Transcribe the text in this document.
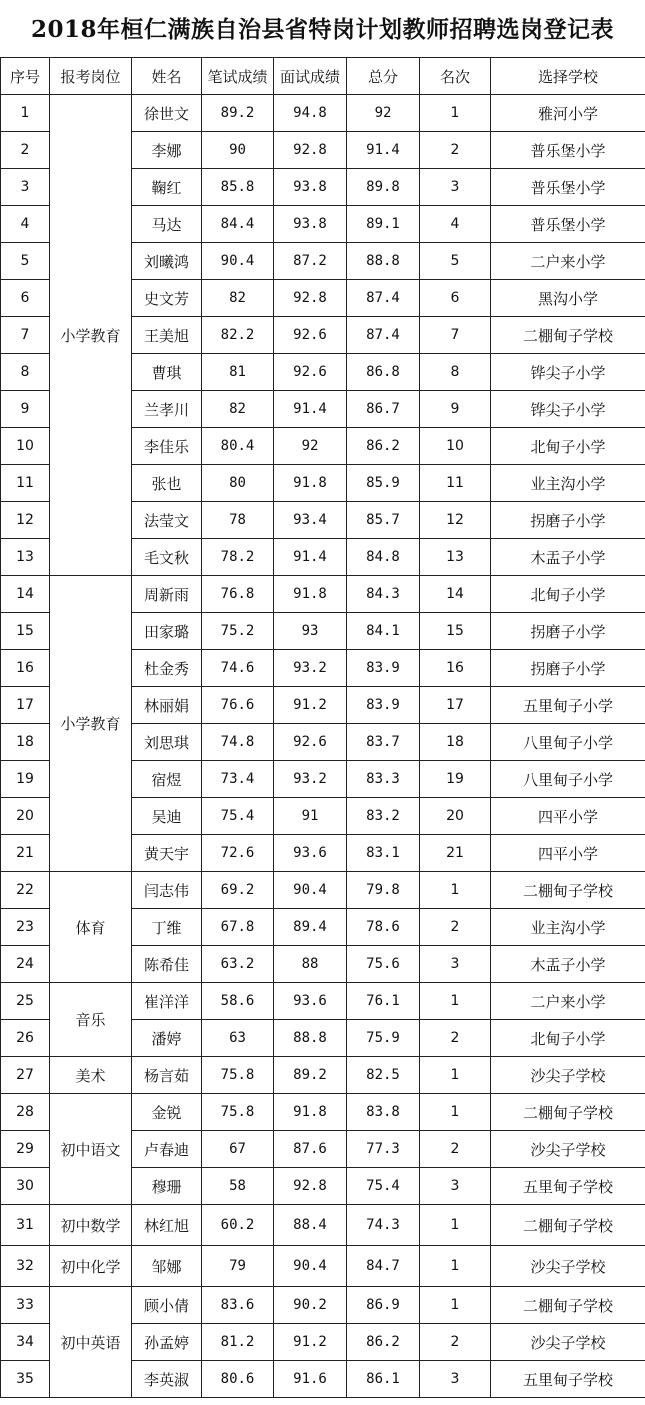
2018年桓仁满族自治县省特岗计划教师招聘选岗登记表
序号	报考岗位	姓名	笔试成绩	面试成绩	总分	名次	选择学校
1	小学教育	徐世文	89.2	94.8	92	1	雅河小学
2		李娜	90	92.8	91.4	2	普乐堡小学
3		鞠红	85.8	93.8	89.8	3	普乐堡小学
4		马达	84.4	93.8	89.1	4	普乐堡小学
5		刘曦鸿	90.4	87.2	88.8	5	二户来小学
6		史文芳	82	92.8	87.4	6	黑沟小学
7		王美旭	82.2	92.6	87.4	7	二棚甸子学校
8		曹琪	81	92.6	86.8	8	铧尖子小学
9		兰孝川	82	91.4	86.7	9	铧尖子小学
10		李佳乐	80.4	92	86.2	10	北甸子小学
11		张也	80	91.8	85.9	11	业主沟小学
12		法莹文	78	93.4	85.7	12	拐磨子小学
13		毛文秋	78.2	91.4	84.8	13	木盂子小学
14	小学教育	周新雨	76.8	91.8	84.3	14	北甸子小学
15		田家璐	75.2	93	84.1	15	拐磨子小学
16		杜金秀	74.6	93.2	83.9	16	拐磨子小学
17		林丽娟	76.6	91.2	83.9	17	五里甸子小学
18		刘思琪	74.8	92.6	83.7	18	八里甸子小学
19		宿煜	73.4	93.2	83.3	19	八里甸子小学
20		吴迪	75.4	91	83.2	20	四平小学
21		黄天宇	72.6	93.6	83.1	21	四平小学
22	体育	闫志伟	69.2	90.4	79.8	1	二棚甸子学校
23		丁维	67.8	89.4	78.6	2	业主沟小学
24		陈希佳	63.2	88	75.6	3	木盂子小学
25	音乐	崔洋洋	58.6	93.6	76.1	1	二户来小学
26		潘婷	63	88.8	75.9	2	北甸子小学
27	美术	杨言茹	75.8	89.2	82.5	1	沙尖子学校
28	初中语文	金锐	75.8	91.8	83.8	1	二棚甸子学校
29		卢春迪	67	87.6	77.3	2	沙尖子学校
30		穆珊	58	92.8	75.4	3	五里甸子学校
31	初中数学	林红旭	60.2	88.4	74.3	1	二棚甸子学校
32	初中化学	邹娜	79	90.4	84.7	1	沙尖子学校
33	初中英语	顾小倩	83.6	90.2	86.9	1	二棚甸子学校
34		孙孟婷	81.2	91.2	86.2	2	沙尖子学校
35		李英淑	80.6	91.6	86.1	3	五里甸子学校
